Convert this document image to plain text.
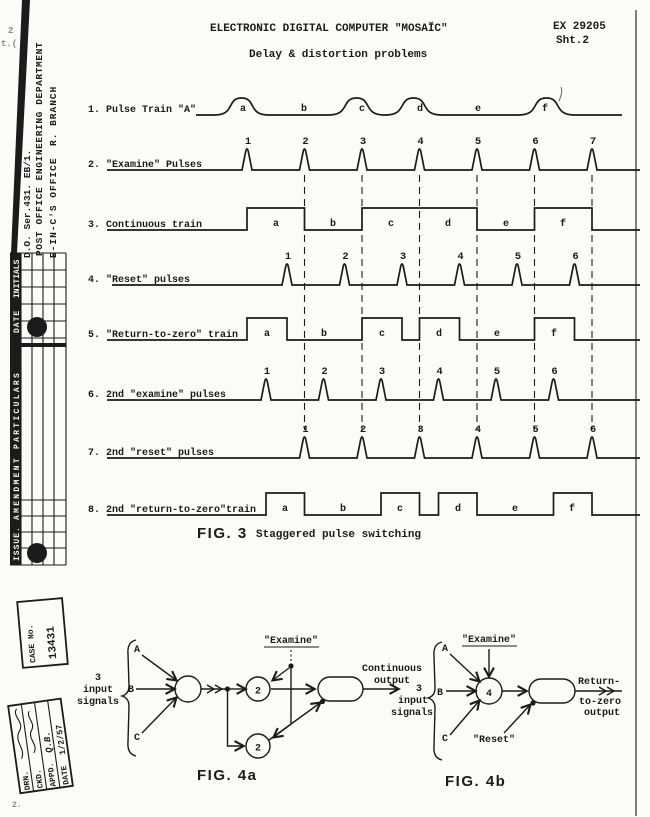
2
t.(
2.
ELECTRONIC DIGITAL COMPUTER "MOSAĬC"
Delay & distortion problems
EX 29205
Sht.2
D.O. Ser.431. EB/1. POST OFFICE ENGINEERING DEPARTMENT E-IN-C'S OFFICE
R. BRANCH
ISSUE.
AMENDMENT PARTICULARS
DATE
INITIALS
1. Pulse Train "A"	a	b	c	d	e	f
2. "Examine" Pulses
1	2	3	4	5	6	7
3. Continuous train	a	b	c	d	e	f
4. "Reset" pulses
1	2	3	4	5	6
5. "Return-to-zero" train	a	b	c	d	e	f
6. 2nd "examine" pulses
1	2	3	4	5	6
7. 2nd "reset" pulses
1	2	3	4	5	6
8. 2nd "return-to-zero"train	a	b	c	d	e	f
FIG. 3 Staggered pulse switching
3
input
signals
A
B
C
2
2
"Examine"
Continuous
output
FIG. 4a
3
input
signals
A
B
C
"Examine"
4
"Reset"
Return-
to-zero
output
FIG. 4b
CASE No. 13431
DRN. CKD. APPD. DATE
Q.B. 1/2/57
